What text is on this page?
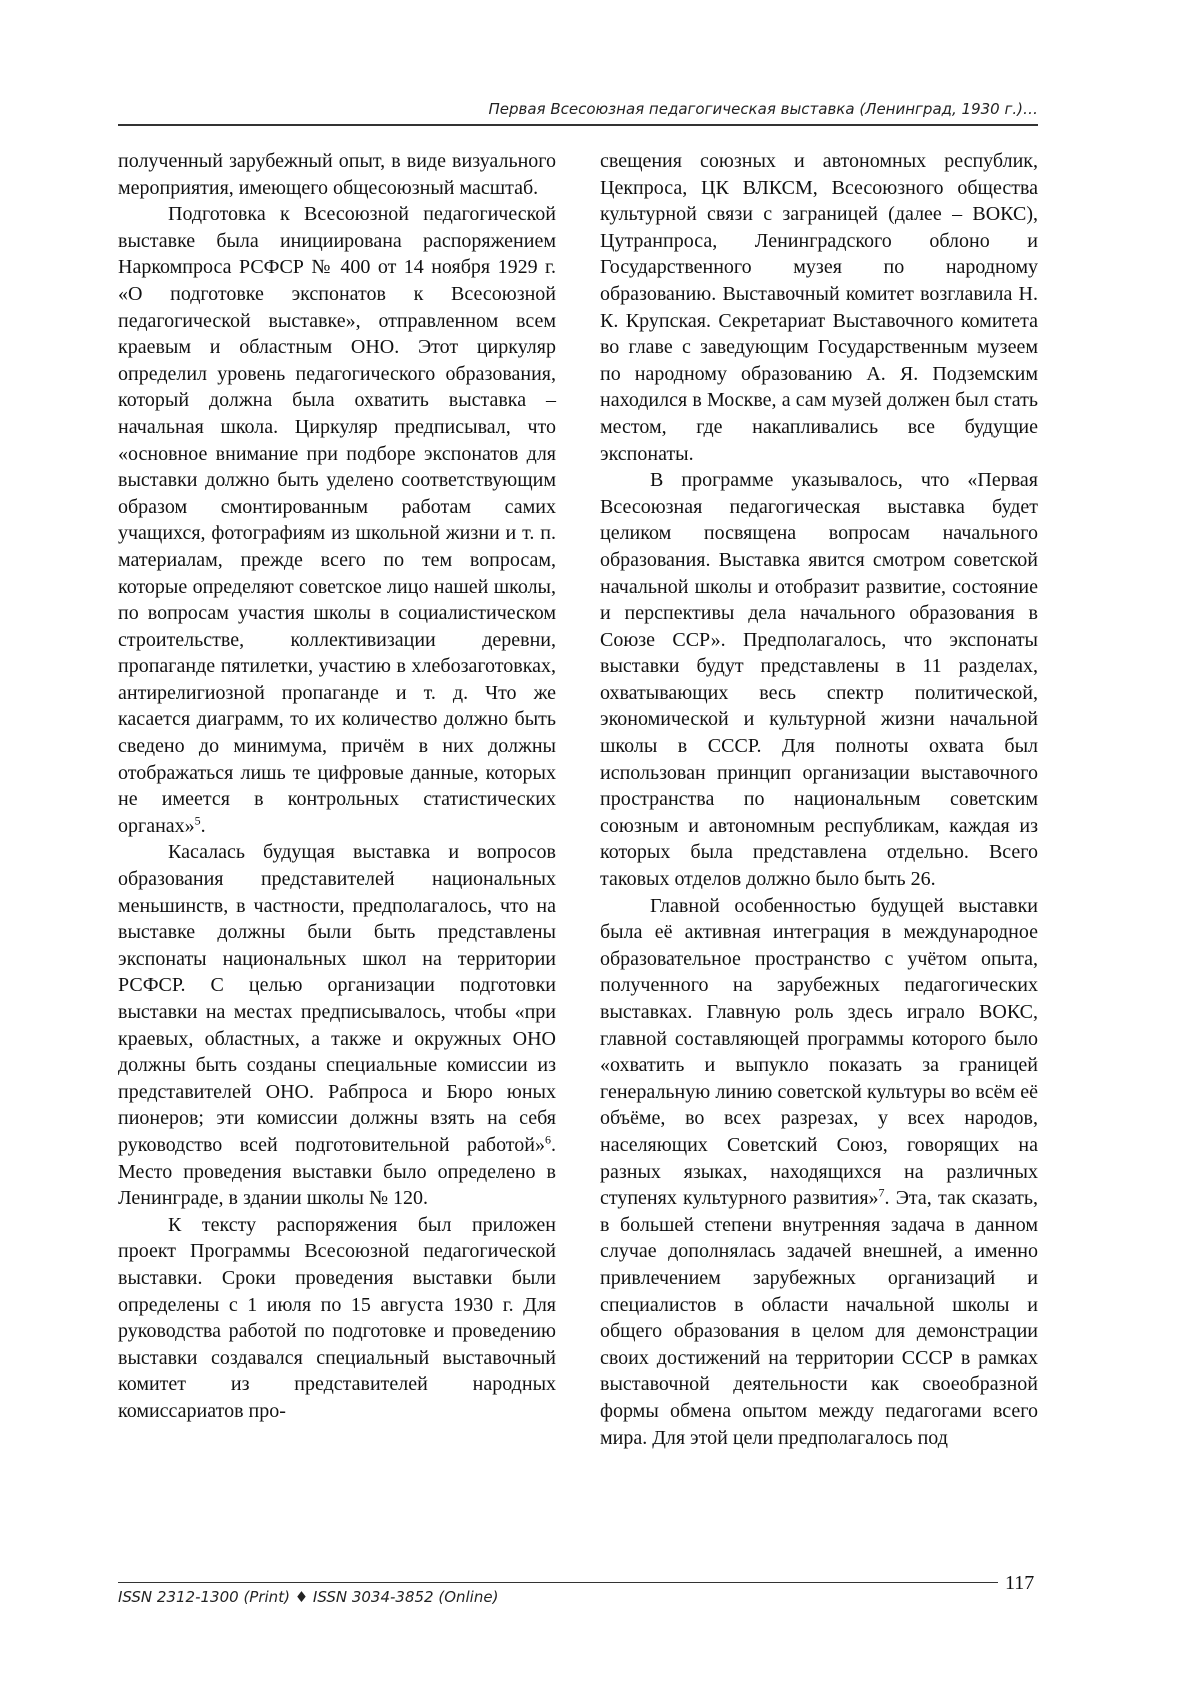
Первая Всесоюзная педагогическая выставка (Ленинград, 1930 г.)…

полученный зарубежный опыт, в виде визуального мероприятия, имеющего общесоюзный масштаб.

Подготовка к Всесоюзной педагогической выставке была инициирована распоряжением Наркомпроса РСФСР № 400 от 14 ноября 1929 г. «О подготовке экспонатов к Всесоюзной педагогической выставке», отправленном всем краевым и областным ОНО. Этот циркуляр определил уровень педагогического образования, который должна была охватить выставка – начальная школа. Циркуляр предписывал, что «основное внимание при подборе экспонатов для выставки должно быть уделено соответствующим образом смонтированным работам самих учащихся, фотографиям из школьной жизни и т. п. материалам, прежде всего по тем вопросам, которые определяют советское лицо нашей школы, по вопросам участия школы в социалистическом строительстве, коллективизации деревни, пропаганде пятилетки, участию в хлебозаготовках, антирелигиозной пропаганде и т. д. Что же касается диаграмм, то их количество должно быть сведено до минимума, причём в них должны отображаться лишь те цифровые данные, которых не имеется в контрольных статистических органах»$^5$.

Касалась будущая выставка и вопросов образования представителей национальных меньшинств, в частности, предполагалось, что на выставке должны были быть представлены экспонаты национальных школ на территории РСФСР. С целью организации подготовки выставки на местах предписывалось, чтобы «при краевых, областных, а также и окружных ОНО должны быть созданы специальные комиссии из представителей ОНО. Рабпроса и Бюро юных пионеров; эти комиссии должны взять на себя руководство всей подготовительной работой»$^6$. Место проведения выставки было определено в Ленинграде, в здании школы № 120.

К тексту распоряжения был приложен проект Программы Всесоюзной педагогической выставки. Сроки проведения выставки были определены с 1 июля по 15 августа 1930 г. Для руководства работой по подготовке и проведению выставки создавался специальный выставочный комитет из представителей народных комиссариатов про-

свещения союзных и автономных республик, Цекпроса, ЦК ВЛКСМ, Всесоюзного общества культурной связи с заграницей (далее – ВОКС), Цутранпроса, Ленинградского облоно и Государственного музея по народному образованию. Выставочный комитет возглавила Н. К. Крупская. Секретариат Выставочного комитета во главе с заведующим Государственным музеем по народному образованию А. Я. Подземским находился в Москве, а сам музей должен был стать местом, где накапливались все будущие экспонаты.

В программе указывалось, что «Первая Всесоюзная педагогическая выставка будет целиком посвящена вопросам начального образования. Выставка явится смотром советской начальной школы и отобразит развитие, состояние и перспективы дела начального образования в Союзе ССР». Предполагалось, что экспонаты выставки будут представлены в 11 разделах, охватывающих весь спектр политической, экономической и культурной жизни начальной школы в СССР. Для полноты охвата был использован принцип организации выставочного пространства по национальным советским союзным и автономным республикам, каждая из которых была представлена отдельно. Всего таковых отделов должно было быть 26.

Главной особенностью будущей выставки была её активная интеграция в международное образовательное пространство с учётом опыта, полученного на зарубежных педагогических выставках. Главную роль здесь играло ВОКС, главной составляющей программы которого было «охватить и выпукло показать за границей генеральную линию советской культуры во всём её объёме, во всех разрезах, у всех народов, населяющих Советский Союз, говорящих на разных языках, находящихся на различных ступенях культурного развития»$^7$. Эта, так сказать, в большей степени внутренняя задача в данном случае дополнялась задачей внешней, а именно привлечением зарубежных организаций и специалистов в области начальной школы и общего образования в целом для демонстрации своих достижений на территории СССР в рамках выставочной деятельности как своеобразной формы обмена опытом между педагогами всего мира. Для этой цели предполагалось под

ISSN 2312-1300 (Print) ♦ ISSN 3034-3852 (Online)
117
